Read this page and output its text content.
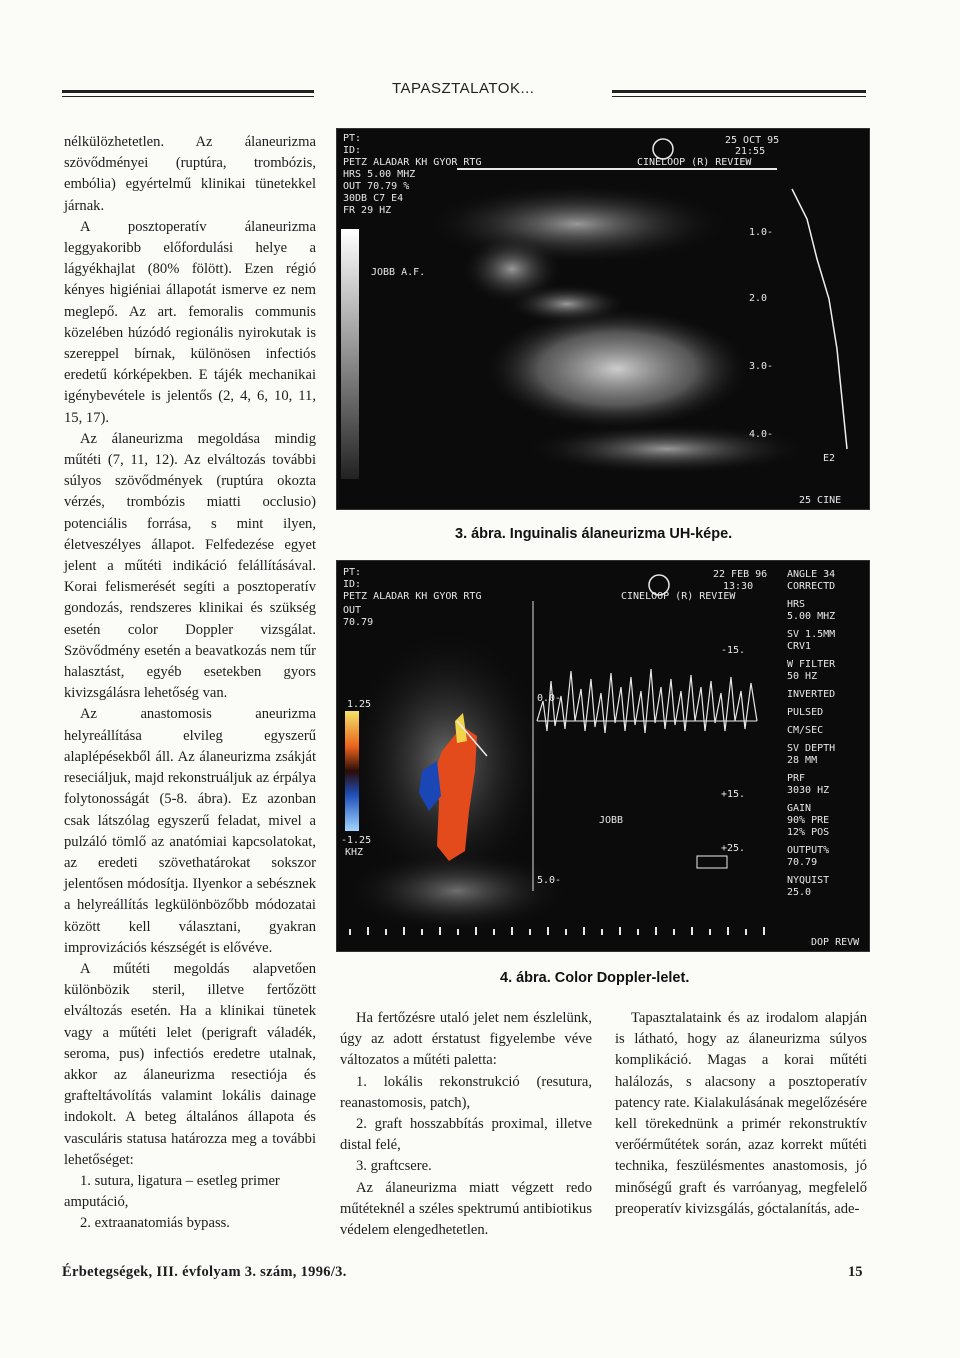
TAPASZTALATOK...

nélkülözhetetlen. Az álaneurizma szövődményei (ruptúra, trombózis, embólia) egyértelmű klinikai tünetekkel járnak.

A posztoperatív álaneurizma leggyakoribb előfordulási helye a lágyékhajlat (80% fölött). Ezen régió kényes higiéniai állapotát ismerve ez nem meglepő. Az art. femoralis communis közelében húzódó regionális nyirokutak is szereppel bírnak, különösen infectiós eredetű kórképekben. E tájék mechanikai igénybevétele is jelentős (2, 4, 6, 10, 11, 15, 17).

Az álaneurizma megoldása mindig műtéti (7, 11, 12). Az elváltozás további súlyos szövődmények (ruptúra okozta vérzés, trombózis miatti occlusio) potenciális forrása, s mint ilyen, életveszélyes állapot. Felfedezése egyet jelent a műtéti indikáció felállításával. Korai felismerését segíti a posztoperatív gondozás, rendszeres klinikai és szükség esetén color Doppler vizsgálat. Szövődmény esetén a beavatkozás nem tűr halasztást, egyéb esetekben gyors kivizsgálásra lehetőség van.

Az anastomosis aneurizma helyreállítása elvileg egyszerű alaplépésekből áll. Az álaneurizma zsákját reseciáljuk, majd rekonstruáljuk az érpálya folytonosságát (5-8. ábra). Ez azonban csak látszólag egyszerű feladat, mivel a pulzáló tömlő az anatómiai kapcsolatokat, az eredeti szövethatárokat sokszor jelentősen módosítja. Ilyenkor a sebésznek a helyreállítás legkülönbözőbb módozatai között kell választani, gyakran improvizációs készségét is elővéve.

A műtéti megoldás alapvetően különbözik steril, illetve fertőzött elváltozás esetén. Ha a klinikai tünetek vagy a műtéti lelet (perigraft váladék, seroma, pus) infectiós eredetre utalnak, akkor az álaneurizma resectiója és grafteltávolítás valamint lokális dainage indokolt. A beteg általános állapota és vasculáris statusa határozza meg a további lehetőséget:

1. sutura, ligatura – esetleg primer amputáció,

2. extraanatomiás bypass.

PT:
ID:
PETZ ALADAR KH GYOR RTG
HRS 5.00 MHZ
OUT 70.79 %
30DB C7 E4
FR 29 HZ
25 OCT 95
21:55
CINELOOP (R) REVIEW
JOBB A.F.
1.0-
2.0
3.0-
4.0-
E2
25 CINE
3. ábra. Inguinalis álaneurizma UH-képe.
PT:
ID:
PETZ ALADAR KH GYOR RTG
OUT
70.79
22 FEB 96
13:30
CINELOOP (R) REVIEW
1.25
-1.25
KHZ
-15.
0.0-
+15.
+25.
5.0-
JOBB
DOP REVW
ANGLE 34
CORRECTD
HRS
5.00 MHZ
SV 1.5MM
CRV1
W FILTER
50 HZ
INVERTED
PULSED
CM/SEC
SV DEPTH
28 MM
PRF
3030 HZ
GAIN
90% PRE
12% POS
OUTPUT%
70.79
NYQUIST
25.0
4. ábra. Color Doppler-lelet.

Ha fertőzésre utaló jelet nem észlelünk, úgy az adott érstatust figyelembe véve változatos a műtéti paletta:

1. lokális rekonstrukció (resutura, reanastomosis, patch),

2. graft hosszabbítás proximal, illetve distal felé,

3. graftcsere.

Az álaneurizma miatt végzett redo műtéteknél a széles spektrumú antibiotikus védelem elengedhetetlen.

Tapasztalataink és az irodalom alapján is látható, hogy az álaneurizma súlyos komplikáció. Magas a korai műtéti halálozás, s alacsony a posztoperatív patency rate. Kialakulásának megelőzésére kell törekednünk a primér rekonstruktív verőérműtétek során, azaz korrekt műtéti technika, feszülésmentes anastomosis, jó minőségű graft és varróanyag, megfelelő preoperatív kivizsgálás, góctalanítás, ade-

Érbetegségek, III. évfolyam 3. szám, 1996/3.	15
